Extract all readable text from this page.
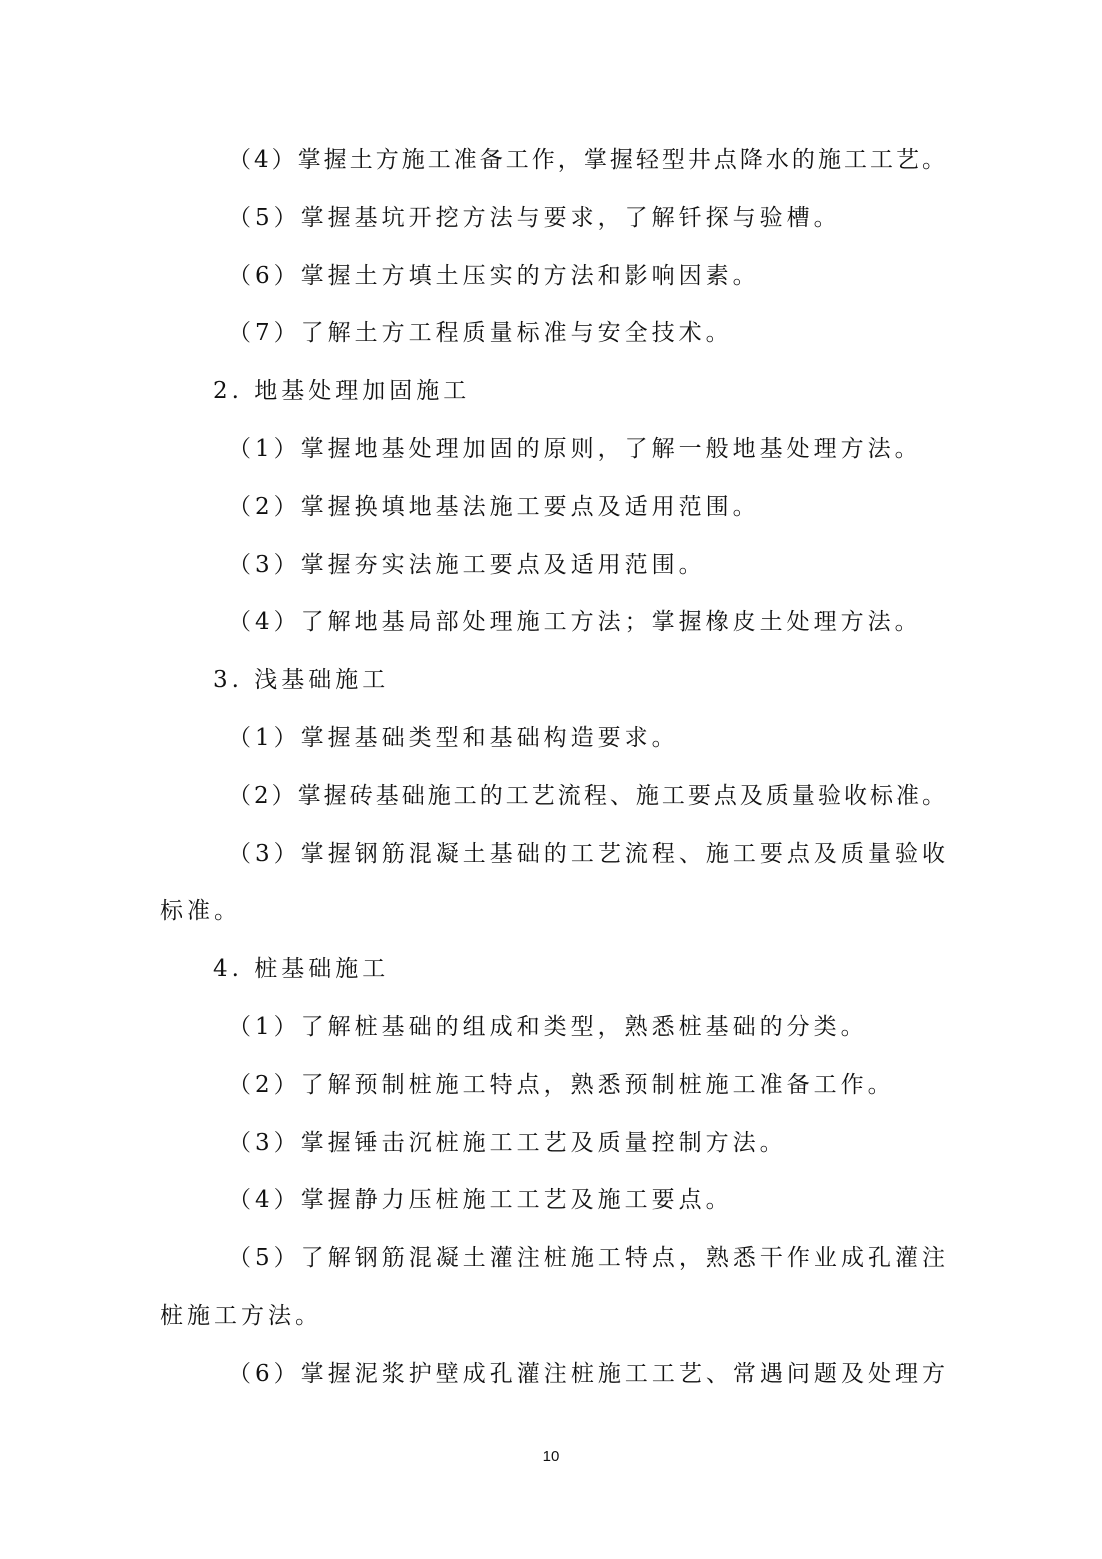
（4）掌握土方施工准备工作，掌握轻型井点降水的施工工艺。
（5）掌握基坑开挖方法与要求，了解钎探与验槽。
（6）掌握土方填土压实的方法和影响因素。
（7）了解土方工程质量标准与安全技术。
2. 地基处理加固施工
（1）掌握地基处理加固的原则，了解一般地基处理方法。
（2）掌握换填地基法施工要点及适用范围。
（3）掌握夯实法施工要点及适用范围。
（4）了解地基局部处理施工方法；掌握橡皮土处理方法。
3. 浅基础施工
（1）掌握基础类型和基础构造要求。
（2）掌握砖基础施工的工艺流程、施工要点及质量验收标准。
（3）掌握钢筋混凝土基础的工艺流程、施工要点及质量验收
标准。
4. 桩基础施工
（1）了解桩基础的组成和类型，熟悉桩基础的分类。
（2）了解预制桩施工特点，熟悉预制桩施工准备工作。
（3）掌握锤击沉桩施工工艺及质量控制方法。
（4）掌握静力压桩施工工艺及施工要点。
（5）了解钢筋混凝土灌注桩施工特点，熟悉干作业成孔灌注
桩施工方法。
（6）掌握泥浆护壁成孔灌注桩施工工艺、常遇问题及处理方
10
